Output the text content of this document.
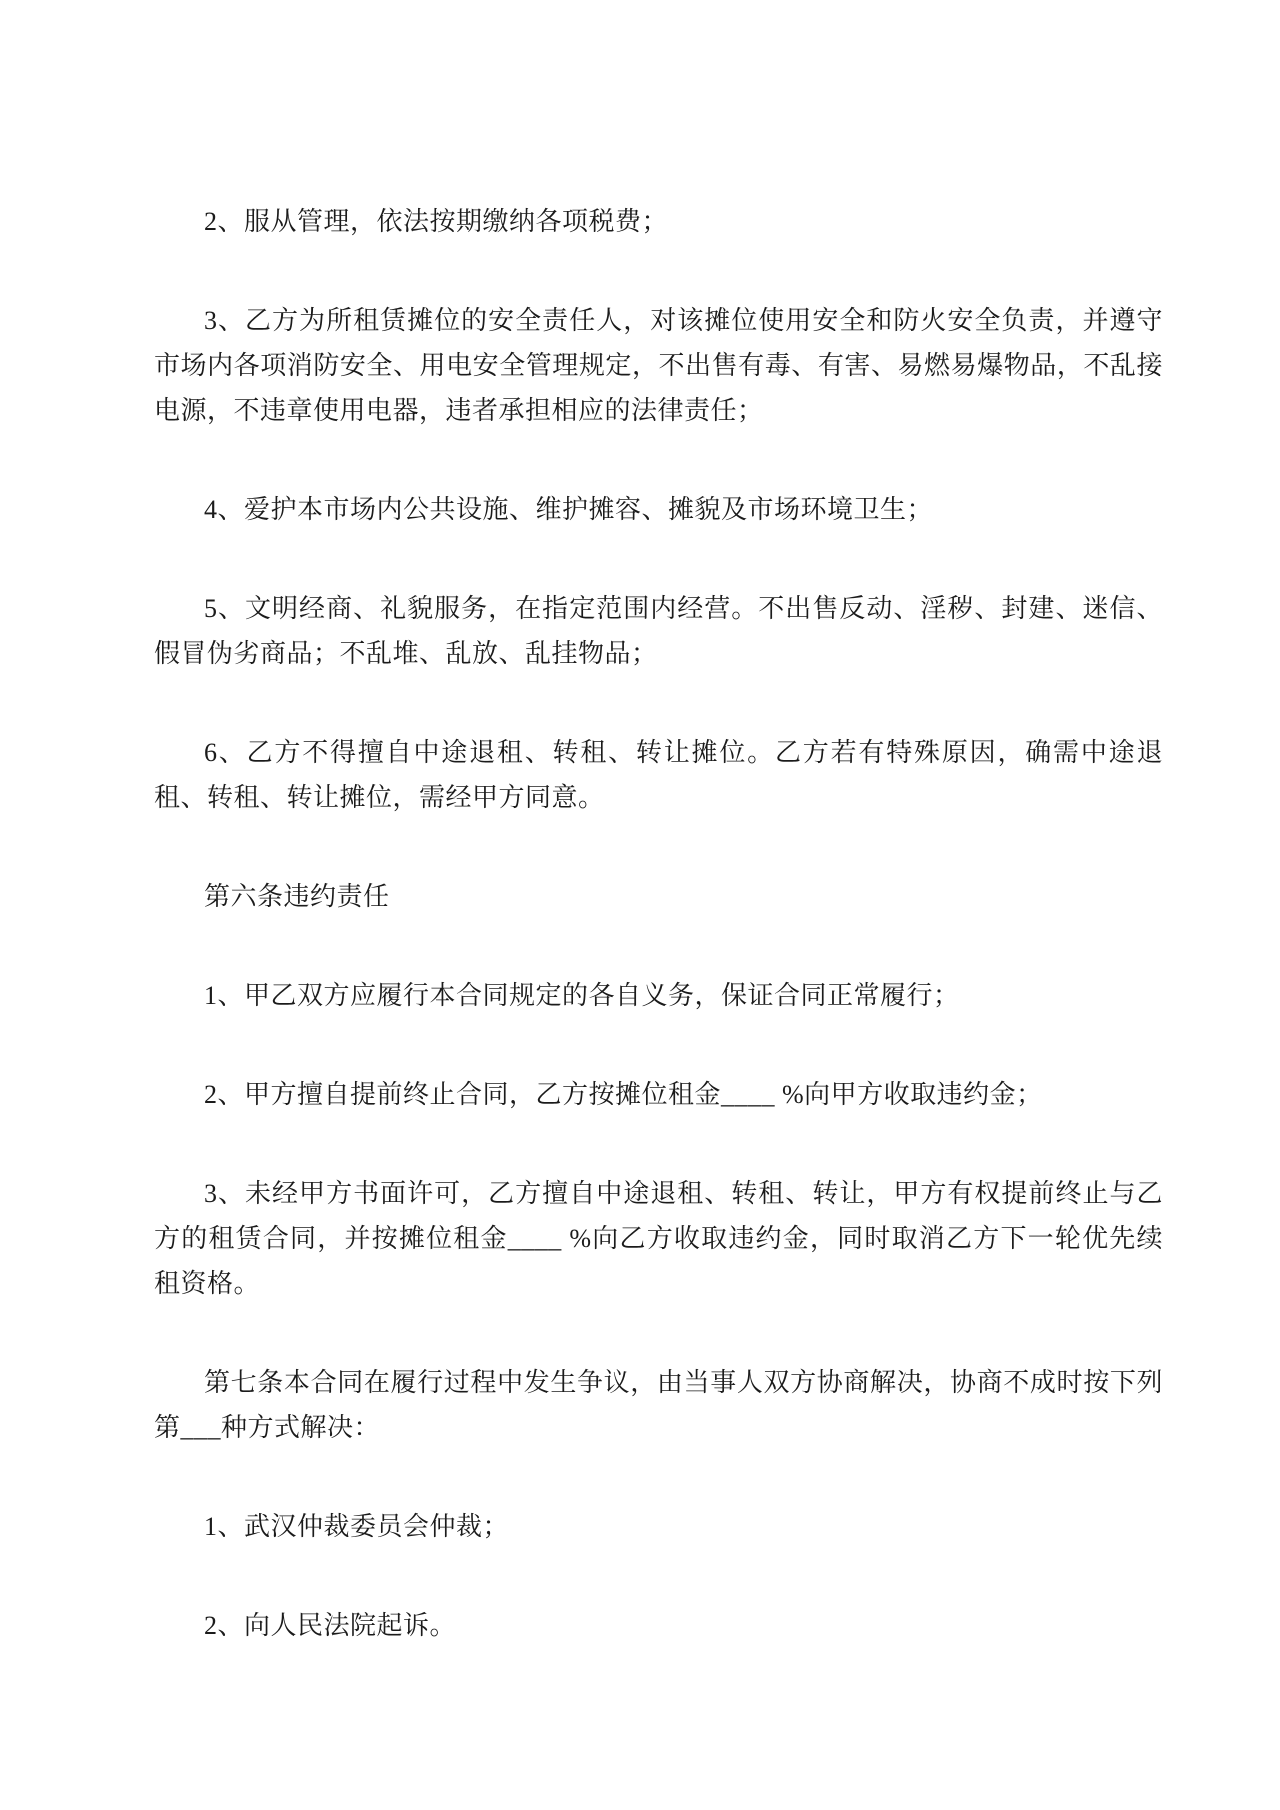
2、服从管理，依法按期缴纳各项税费；

3、乙方为所租赁摊位的安全责任人，对该摊位使用安全和防火安全负责，并遵守市场内各项消防安全、用电安全管理规定，不出售有毒、有害、易燃易爆物品，不乱接电源，不违章使用电器，违者承担相应的法律责任；

4、爱护本市场内公共设施、维护摊容、摊貌及市场环境卫生；

5、文明经商、礼貌服务，在指定范围内经营。不出售反动、淫秽、封建、迷信、假冒伪劣商品；不乱堆、乱放、乱挂物品；

6、乙方不得擅自中途退租、转租、转让摊位。乙方若有特殊原因，确需中途退租、转租、转让摊位，需经甲方同意。

第六条违约责任

1、甲乙双方应履行本合同规定的各自义务，保证合同正常履行；

2、甲方擅自提前终止合同，乙方按摊位租金____ %向甲方收取违约金；

3、未经甲方书面许可，乙方擅自中途退租、转租、转让，甲方有权提前终止与乙方的租赁合同，并按摊位租金____ %向乙方收取违约金，同时取消乙方下一轮优先续租资格。

第七条本合同在履行过程中发生争议，由当事人双方协商解决，协商不成时按下列第___种方式解决：

1、武汉仲裁委员会仲裁；

2、向人民法院起诉。
